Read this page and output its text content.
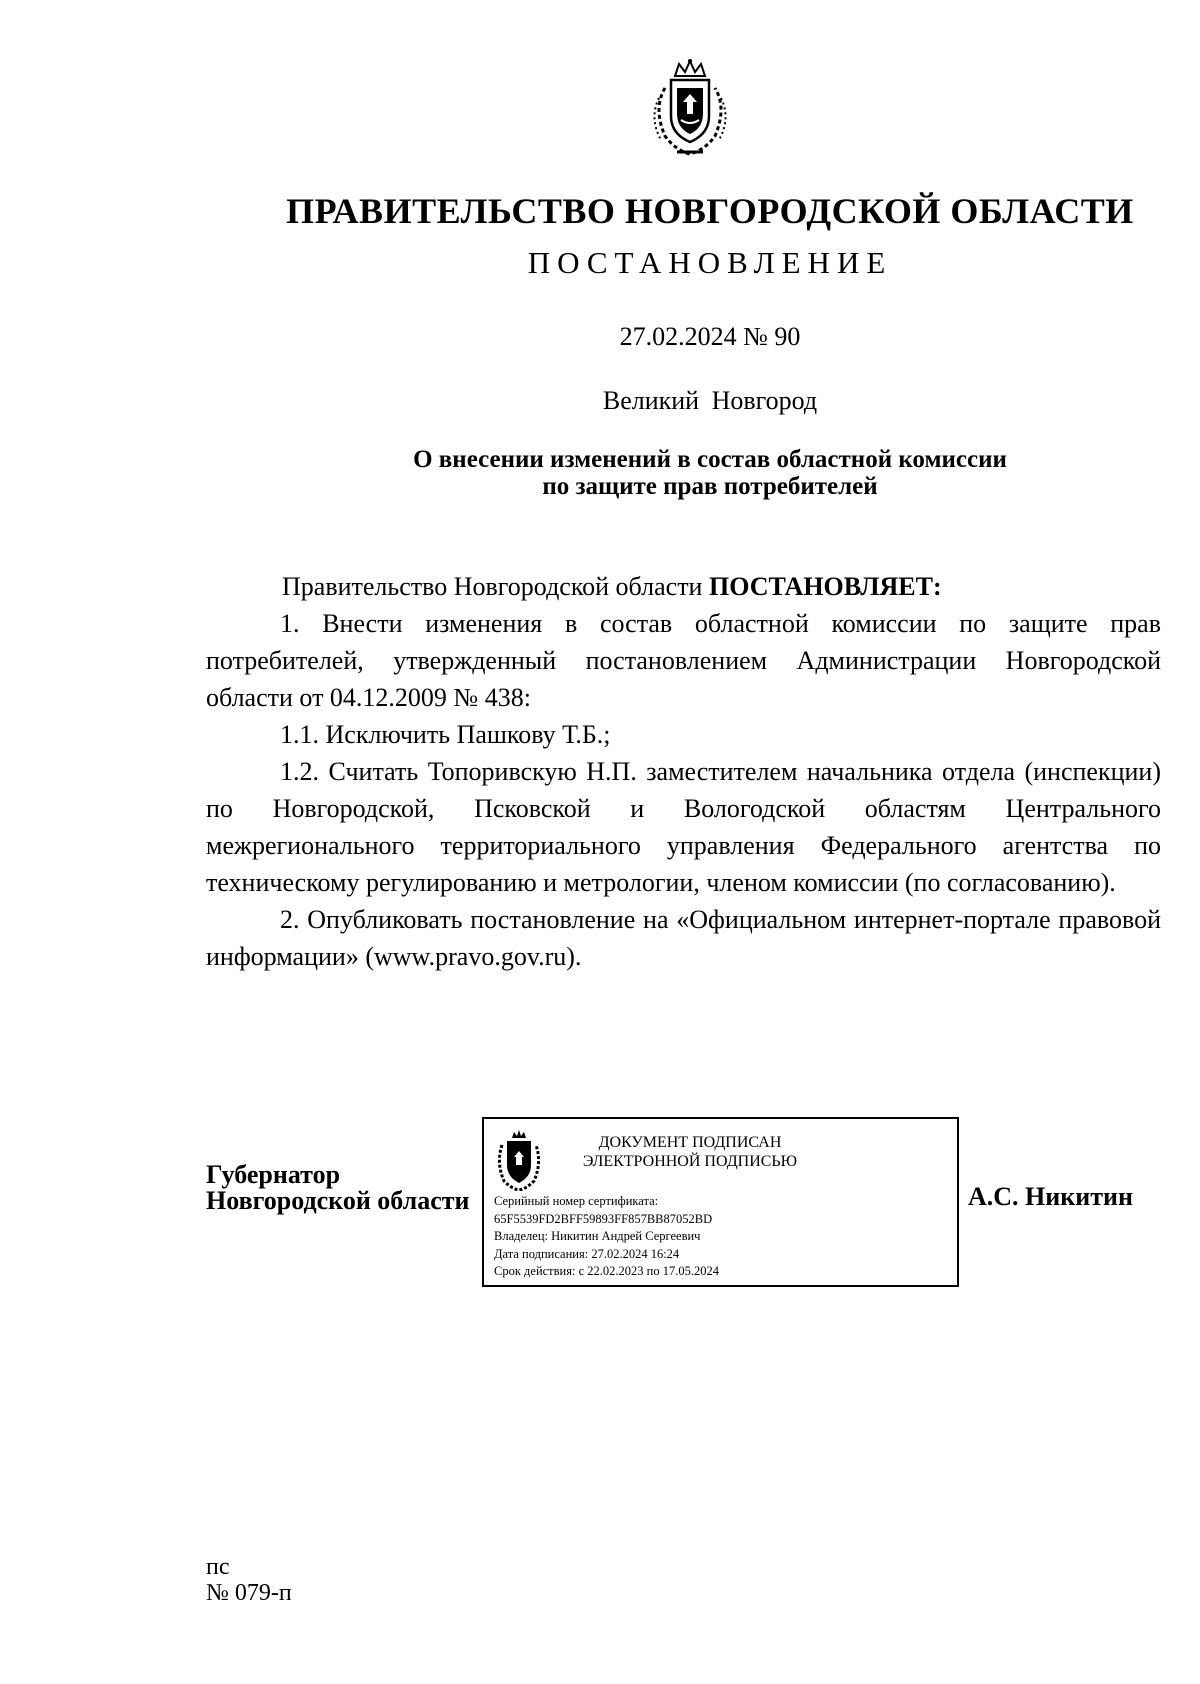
ПРАВИТЕЛЬСТВО НОВГОРОДСКОЙ ОБЛАСТИ
ПОСТАНОВЛЕНИЕ
27.02.2024 № 90
Великий Новгород
О внесении изменений в состав областной комиссии
по защите прав потребителей

Правительство Новгородской области ПОСТАНОВЛЯЕТ:

1. Внести изменения в состав областной комиссии по защите прав потребителей, утвержденный постановлением Администрации Новгородской области от 04.12.2009 № 438:

1.1. Исключить Пашкову Т.Б.;

1.2. Считать Топоривскую Н.П. заместителем начальника отдела (инспекции) по Новгородской, Псковской и Вологодской областям Центрального межрегионального территориального управления Федерального агентства по техническому регулированию и метрологии, членом комиссии (по согласованию).

2. Опубликовать постановление на «Официальном интернет-портале правовой информации» (www.pravo.gov.ru).

Губернатор
Новгородской области
ДОКУМЕНТ ПОДПИСАН
ЭЛЕКТРОННОЙ ПОДПИСЬЮ
Серийный номер сертификата:
65F5539FD2BFF59893FF857BB87052BD
Владелец: Никитин Андрей Сергеевич
Дата подписания: 27.02.2024 16:24
Срок действия: с 22.02.2023 по 17.05.2024
А.С. Никитин
пс
№ 079-п
